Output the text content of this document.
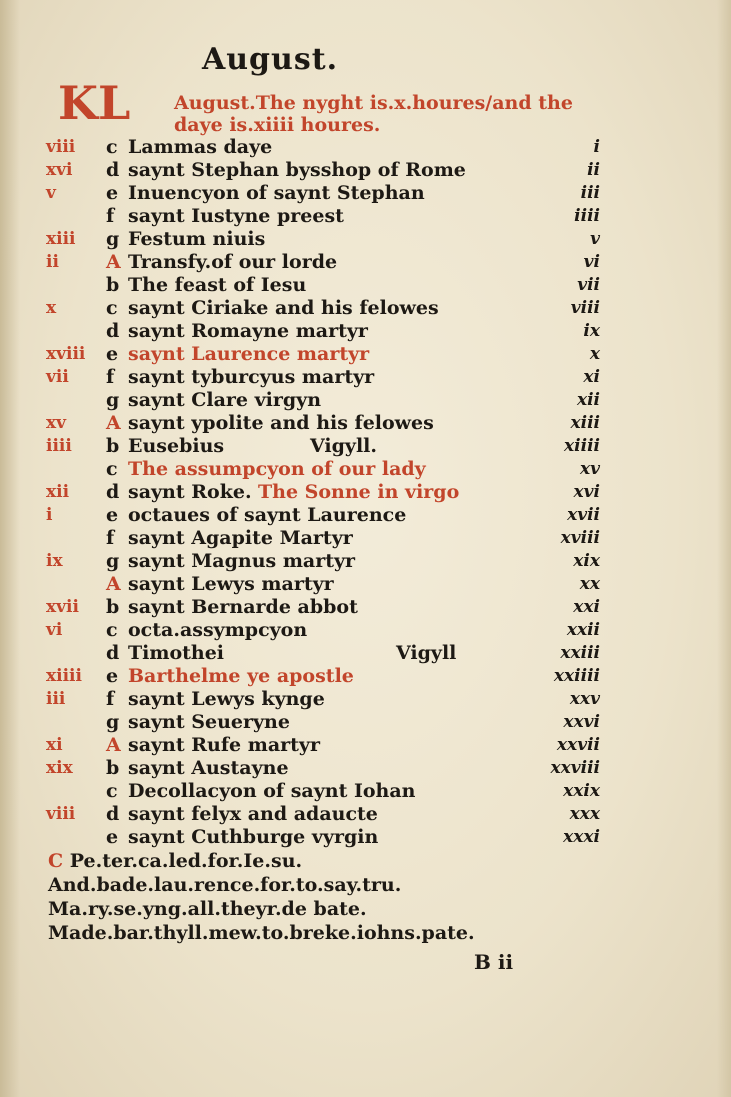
August.
KL August.The nyght is.x.houres/and the
daye is.xiiii houres.
viii	c Lammas daye	i
xvi	d saynt Stephan bysshop of Rome	ii
v	e Inuencyon of saynt Stephan	iii
f saynt Iustyne preest	iiii
xiii	g Festum niuis	v
ii	A Transfy.of our lorde	vi
b The feast of Iesu	vii
x	c saynt Ciriake and his felowes	viii
d saynt Romayne martyr	ix
xviii	e saynt Laurence martyr	x
vii	f saynt tyburcyus martyr	xi
g saynt Clare virgyn	xii
xv	A saynt ypolite and his felowes	xiii
iiii	b Eusebius	Vigyll.	xiiii
c The assumpcyon of our lady	xv
xii	d saynt Roke. The Sonne in virgo	xvi
i	e octaues of saynt Laurence	xvii
f saynt Agapite Martyr	xviii
ix	g saynt Magnus martyr	xix
A saynt Lewys martyr	xx
xvii	b saynt Bernarde abbot	xxi
vi	c octa.assympcyon	xxii
d Timothei	Vigyll	xxiii
xiiii	e Barthelme ye apostle	xxiiii
iii	f saynt Lewys kynge	xxv
g saynt Seueryne	xxvi
xi	A saynt Rufe martyr	xxvii
xix	b saynt Austayne	xxviii
c Decollacyon of saynt Iohan	xxix
viii	d saynt felyx and adaucte	xxx
e saynt Cuthburge vyrgin	xxxi
C Pe.ter.ca.led.for.Ie.su.
And.bade.lau.rence.for.to.say.tru.
Ma.ry.se.yng.all.theyr.de bate.
Made.bar.thyll.mew.to.breke.iohns.pate.
B ii
